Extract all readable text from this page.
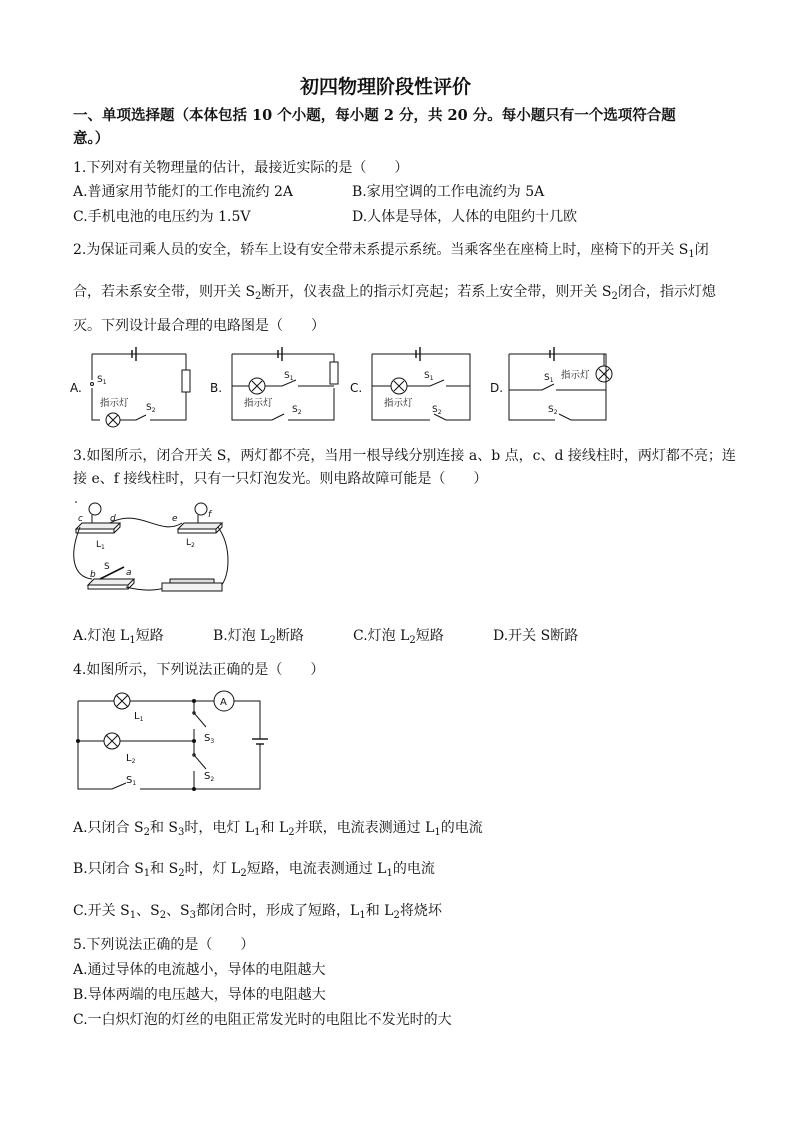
初四物理阶段性评价
一、单项选择题（本体包括 10 个小题，每小题 2 分，共 20 分。每小题只有一个选项符合题
意。）
1.下列对有关物理量的估计，最接近实际的是（　　）
A.普通家用节能灯的工作电流约 2A	B.家用空调的工作电流约为 5A
C.手机电池的电压约为 1.5V	D.人体是导体，人体的电阻约十几欧
2.为保证司乘人员的安全，轿车上设有安全带未系提示系统。当乘客坐在座椅上时，座椅下的开关 $S_1$闭
合，若未系安全带，则开关 $S_2$断开，仪表盘上的指示灯亮起；若系上安全带，则开关 $S_2$闭合，指示灯熄
灭。下列设计最合理的电路图是（　　）
A.	B.	C.	D.
$S_1$
指示灯 $S_2$
$S_1$
指示灯
$S_2$
$S_1$
指示灯
$S_2$
$S_1$ 指示灯
$S_2$
3.如图所示，闭合开关 S，两灯都不亮，当用一根导线分别连接 a、b 点，c、d 接线柱时，两灯都不亮；连
接 e、f 接线柱时，只有一只灯泡发光。则电路故障可能是（　　）
c	d	e	f
b	a
$L_1$	$L_2$
S
A.灯泡 $L_1$短路	B.灯泡 $L_2$断路	C.灯泡 $L_2$短路	D.开关 S断路
4.如图所示，下列说法正确的是（　　）
A
$L_1$
$L_2$
$S_1$
$S_2$
$S_3$
A.只闭合 $S_2$和 $S_3$时，电灯 $L_1$和 $L_2$并联，电流表测通过 $L_1$的电流
B.只闭合 $S_1$和 $S_2$时，灯 $L_2$短路，电流表测通过 $L_1$的电流
C.开关 $S_1$、$S_2$、$S_3$都闭合时，形成了短路，$L_1$和 $L_2$将烧坏
5.下列说法正确的是（　　）
A.通过导体的电流越小，导体的电阻越大
B.导体两端的电压越大，导体的电阻越大
C.一白炽灯泡的灯丝的电阻正常发光时的电阻比不发光时的大
